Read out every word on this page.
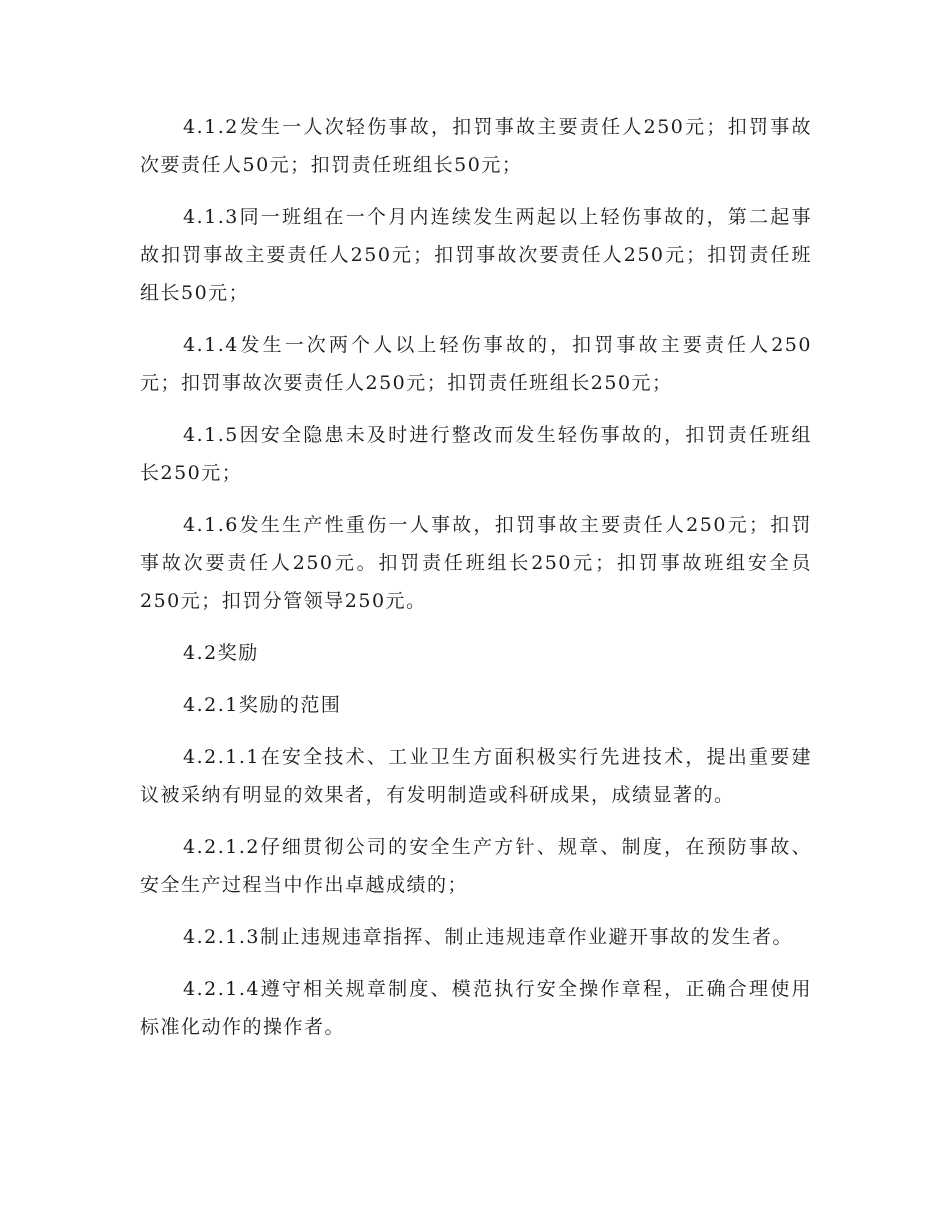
4.1.2发生一人次轻伤事故，扣罚事故主要责任人250元；扣罚事故次要责任人50元；扣罚责任班组长50元；

4.1.3同一班组在一个月内连续发生两起以上轻伤事故的，第二起事故扣罚事故主要责任人250元；扣罚事故次要责任人250元；扣罚责任班组长50元；

4.1.4发生一次两个人以上轻伤事故的，扣罚事故主要责任人250元；扣罚事故次要责任人250元；扣罚责任班组长250元；

4.1.5因安全隐患未及时进行整改而发生轻伤事故的，扣罚责任班组长250元；

4.1.6发生生产性重伤一人事故，扣罚事故主要责任人250元；扣罚事故次要责任人250元。扣罚责任班组长250元；扣罚事故班组安全员250元；扣罚分管领导250元。

4.2奖励

4.2.1奖励的范围

4.2.1.1在安全技术、工业卫生方面积极实行先进技术，提出重要建议被采纳有明显的效果者，有发明制造或科研成果，成绩显著的。

4.2.1.2仔细贯彻公司的安全生产方针、规章、制度，在预防事故、安全生产过程当中作出卓越成绩的；

4.2.1.3制止违规违章指挥、制止违规违章作业避开事故的发生者。

4.2.1.4遵守相关规章制度、模范执行安全操作章程，正确合理使用标准化动作的操作者。
